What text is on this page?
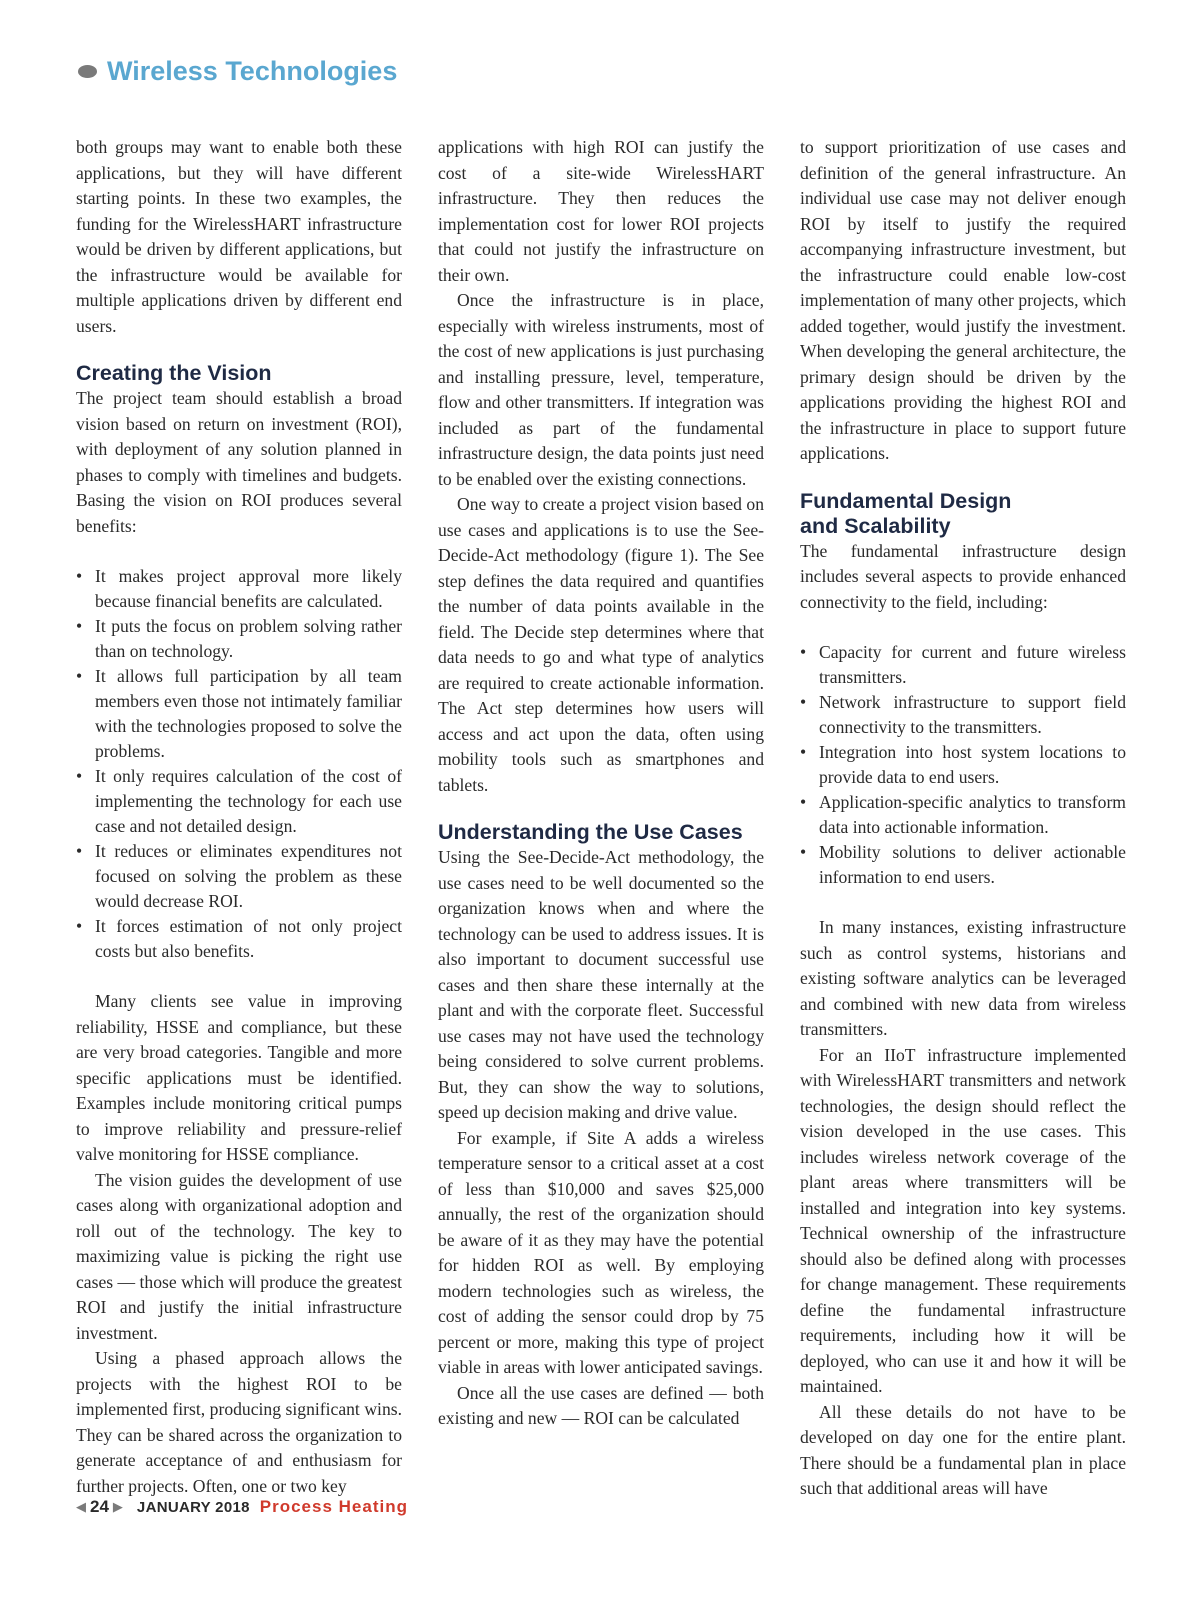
Wireless Technologies

both groups may want to enable both these applications, but they will have different starting points. In these two examples, the funding for the WirelessHART infrastructure would be driven by different applications, but the infrastructure would be available for multiple applications driven by different end users.

Creating the Vision

The project team should establish a broad vision based on return on investment (ROI), with deployment of any solution planned in phases to comply with timelines and budgets. Basing the vision on ROI produces several benefits:

• It makes project approval more likely because financial benefits are calculated.
• It puts the focus on problem solving rather than on technology.
• It allows full participation by all team members even those not intimately familiar with the technologies proposed to solve the problems.
• It only requires calculation of the cost of implementing the technology for each use case and not detailed design.
• It reduces or eliminates expenditures not focused on solving the problem as these would decrease ROI.
• It forces estimation of not only project costs but also benefits.

Many clients see value in improving reliability, HSSE and compliance, but these are very broad categories. Tangible and more specific applications must be identified. Examples include monitoring critical pumps to improve reliability and pressure-relief valve monitoring for HSSE compliance.

The vision guides the development of use cases along with organizational adoption and roll out of the technology. The key to maximizing value is picking the right use cases — those which will produce the greatest ROI and justify the initial infrastructure investment.

Using a phased approach allows the projects with the highest ROI to be implemented first, producing significant wins. They can be shared across the organization to generate acceptance of and enthusiasm for further projects. Often, one or two key

applications with high ROI can justify the cost of a site-wide WirelessHART infrastructure. They then reduces the implementation cost for lower ROI projects that could not justify the infrastructure on their own.

Once the infrastructure is in place, especially with wireless instruments, most of the cost of new applications is just purchasing and installing pressure, level, temperature, flow and other transmitters. If integration was included as part of the fundamental infrastructure design, the data points just need to be enabled over the existing connections.

One way to create a project vision based on use cases and applications is to use the See-Decide-Act methodology (figure 1). The See step defines the data required and quantifies the number of data points available in the field. The Decide step determines where that data needs to go and what type of analytics are required to create actionable information. The Act step determines how users will access and act upon the data, often using mobility tools such as smartphones and tablets.

Understanding the Use Cases

Using the See-Decide-Act methodology, the use cases need to be well documented so the organization knows when and where the technology can be used to address issues. It is also important to document successful use cases and then share these internally at the plant and with the corporate fleet. Successful use cases may not have used the technology being considered to solve current problems. But, they can show the way to solutions, speed up decision making and drive value.

For example, if Site A adds a wireless temperature sensor to a critical asset at a cost of less than $10,000 and saves $25,000 annually, the rest of the organization should be aware of it as they may have the potential for hidden ROI as well. By employing modern technologies such as wireless, the cost of adding the sensor could drop by 75 percent or more, making this type of project viable in areas with lower anticipated savings.

Once all the use cases are defined — both existing and new — ROI can be calculated

to support prioritization of use cases and definition of the general infrastructure. An individual use case may not deliver enough ROI by itself to justify the required accompanying infrastructure investment, but the infrastructure could enable low-cost implementation of many other projects, which added together, would justify the investment. When developing the general architecture, the primary design should be driven by the applications providing the highest ROI and the infrastructure in place to support future applications.

Fundamental Design
and Scalability

The fundamental infrastructure design includes several aspects to provide enhanced connectivity to the field, including:

• Capacity for current and future wireless transmitters.
• Network infrastructure to support field connectivity to the transmitters.
• Integration into host system locations to provide data to end users.
• Application-specific analytics to transform data into actionable information.
• Mobility solutions to deliver actionable information to end users.

In many instances, existing infrastructure such as control systems, historians and existing software analytics can be leveraged and combined with new data from wireless transmitters.

For an IIoT infrastructure implemented with WirelessHART transmitters and network technologies, the design should reflect the vision developed in the use cases. This includes wireless network coverage of the plant areas where transmitters will be installed and integration into key systems. Technical ownership of the infrastructure should also be defined along with processes for change management. These requirements define the fundamental infrastructure requirements, including how it will be deployed, who can use it and how it will be maintained.

All these details do not have to be developed on day one for the entire plant. There should be a fundamental plan in place such that additional areas will have

◀ 24 ▶ JANUARY 2018 Process Heating
